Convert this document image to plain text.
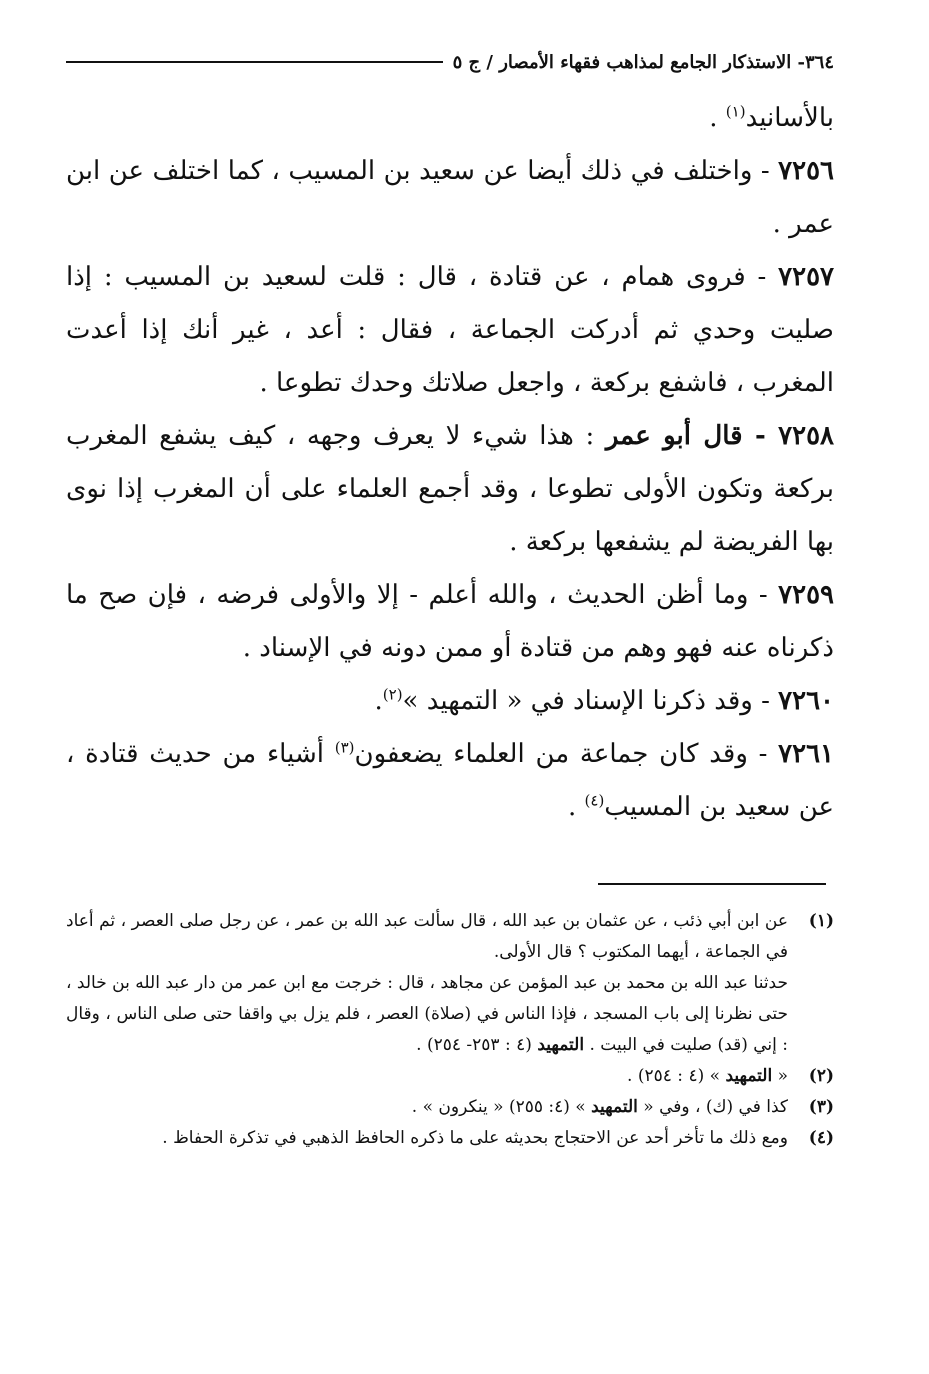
٣٦٤
- الاستذكار الجامع لمذاهب فقهاء الأمصار / ج ٥

بالأسانيد$^{(١)}$ .

٧٢٥٦ - واختلف في ذلك أيضا عن سعيد بن المسيب ، كما اختلف عن ابن عمر .

٧٢٥٧ - فروى همام ، عن قتادة ، قال : قلت لسعيد بن المسيب : إذا صليت وحدي ثم أدركت الجماعة ، فقال : أعد ، غير أنك إذا أعدت المغرب ، فاشفع بركعة ، واجعل صلاتك وحدك تطوعا .

٧٢٥٨ - قال أبو عمر : هذا شيء لا يعرف وجهه ، كيف يشفع المغرب بركعة وتكون الأولى تطوعا ، وقد أجمع العلماء على أن المغرب إذا نوى بها الفريضة لم يشفعها بركعة .

٧٢٥٩ - وما أظن الحديث ، والله أعلم - إلا والأولى فرضه ، فإن صح ما ذكرناه عنه فهو وهم من قتادة أو ممن دونه في الإسناد .

٧٢٦٠ - وقد ذكرنا الإسناد في « التمهيد »$^{(٢)}$.

٧٢٦١ - وقد كان جماعة من العلماء يضعفون$^{(٣)}$ أشياء من حديث قتادة ، عن سعيد بن المسيب$^{(٤)}$ .

(١)عن ابن أبي ذئب ، عن عثمان بن عبد الله ، قال سألت عبد الله بن عمر ، عن رجل صلى العصر ، ثم أعاد في الجماعة ، أيهما المكتوب ؟ قال الأولى.

حدثنا عبد الله بن محمد بن عبد المؤمن عن مجاهد ، قال : خرجت مع ابن عمر من دار عبد الله بن خالد ، حتى نظرنا إلى باب المسجد ، فإذا الناس في (صلاة) العصر ، فلم يزل بي واقفا حتى صلى الناس ، وقال : إني (قد) صليت في البيت . التمهيد (٤ : ٢٥٣- ٢٥٤) .

(٢)« التمهيد » (٤ : ٢٥٤) .

(٣)كذا في (ك) ، وفي « التمهيد » (٤: ٢٥٥) « ينكرون » .

(٤)ومع ذلك ما تأخر أحد عن الاحتجاج بحديثه على ما ذكره الحافظ الذهبي في تذكرة الحفاظ .
